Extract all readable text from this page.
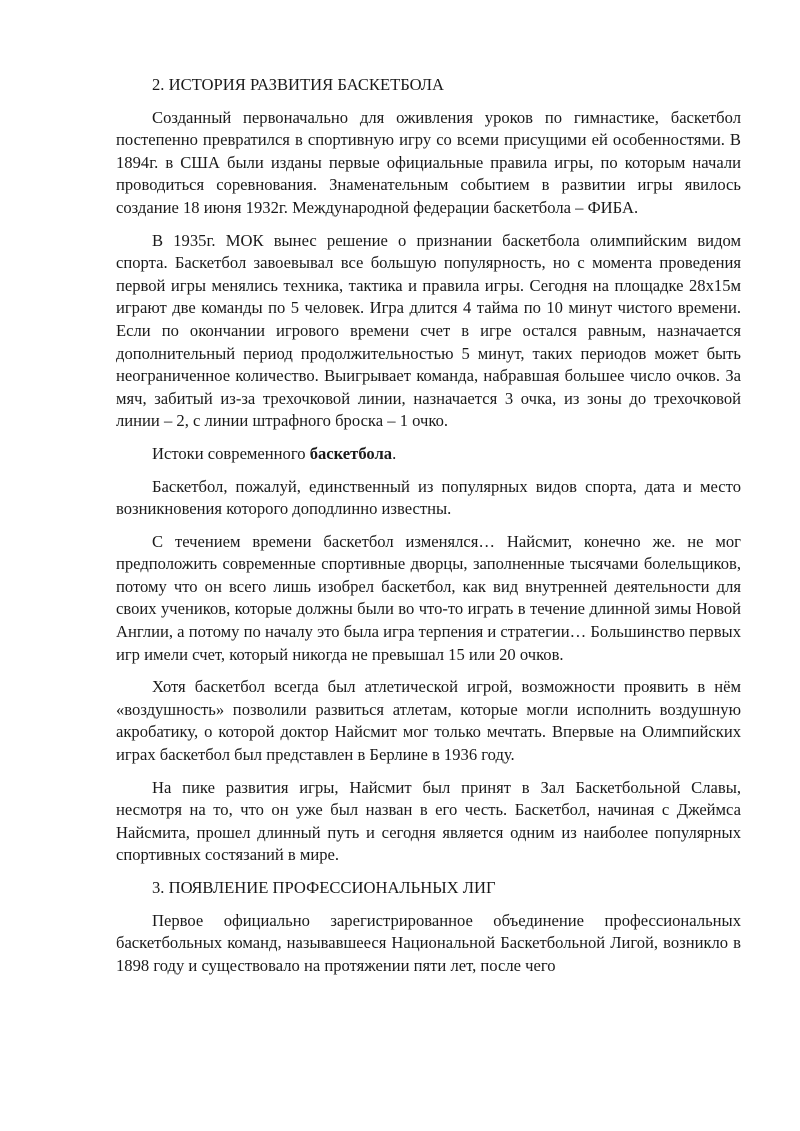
2. ИСТОРИЯ РАЗВИТИЯ БАСКЕТБОЛА

Созданный первоначально для оживления уроков по гимнастике, баскетбол постепенно превратился в спортивную игру со всеми присущими ей особенностями. В 1894г. в США были изданы первые официальные правила игры, по которым начали проводиться соревнования. Знаменательным событием в развитии игры явилось создание 18 июня 1932г. Международной федерации баскетбола – ФИБА.

В 1935г. МОК вынес решение о признании баскетбола олимпийским видом спорта. Баскетбол завоевывал все большую популярность, но с момента проведения первой игры менялись техника, тактика и правила игры. Сегодня на площадке 28х15м играют две команды по 5 человек. Игра длится 4 тайма по 10 минут чистого времени. Если по окончании игрового времени счет в игре остался равным, назначается дополнительный период продолжительностью 5 минут, таких периодов может быть неограниченное количество. Выигрывает команда, набравшая большее число очков. За мяч, забитый из-за трехочковой линии, назначается 3 очка, из зоны до трехочковой линии – 2, с линии штрафного броска – 1 очко.

Истоки современного баскетбола.

Баскетбол, пожалуй, единственный из популярных видов спорта, дата и место возникновения которого доподлинно известны.

С течением времени баскетбол изменялся… Найсмит, конечно же. не мог предположить современные спортивные дворцы, заполненные тысячами болельщиков, потому что он всего лишь изобрел баскетбол, как вид внутренней деятельности для своих учеников, которые должны были во что-то играть в течение длинной зимы Новой Англии, а потому по началу это была игра терпения и стратегии… Большинство первых игр имели счет, который никогда не превышал 15 или 20 очков.

Хотя баскетбол всегда был атлетической игрой, возможности проявить в нём «воздушность» позволили развиться атлетам, которые могли исполнить воздушную акробатику, о которой доктор Найсмит мог только мечтать. Впервые на Олимпийских играх баскетбол был представлен в Берлине в 1936 году.

На пике развития игры, Найсмит был принят в Зал Баскетбольной Славы, несмотря на то, что он уже был назван в его честь. Баскетбол, начиная с Джеймса Найсмита, прошел длинный путь и сегодня является одним из наиболее популярных спортивных состязаний в мире.

3. ПОЯВЛЕНИЕ ПРОФЕССИОНАЛЬНЫХ ЛИГ

Первое официально зарегистрированное объединение профессиональных баскетбольных команд, называвшееся Национальной Баскетбольной Лигой, возникло в 1898 году и существовало на протяжении пяти лет, после чего
